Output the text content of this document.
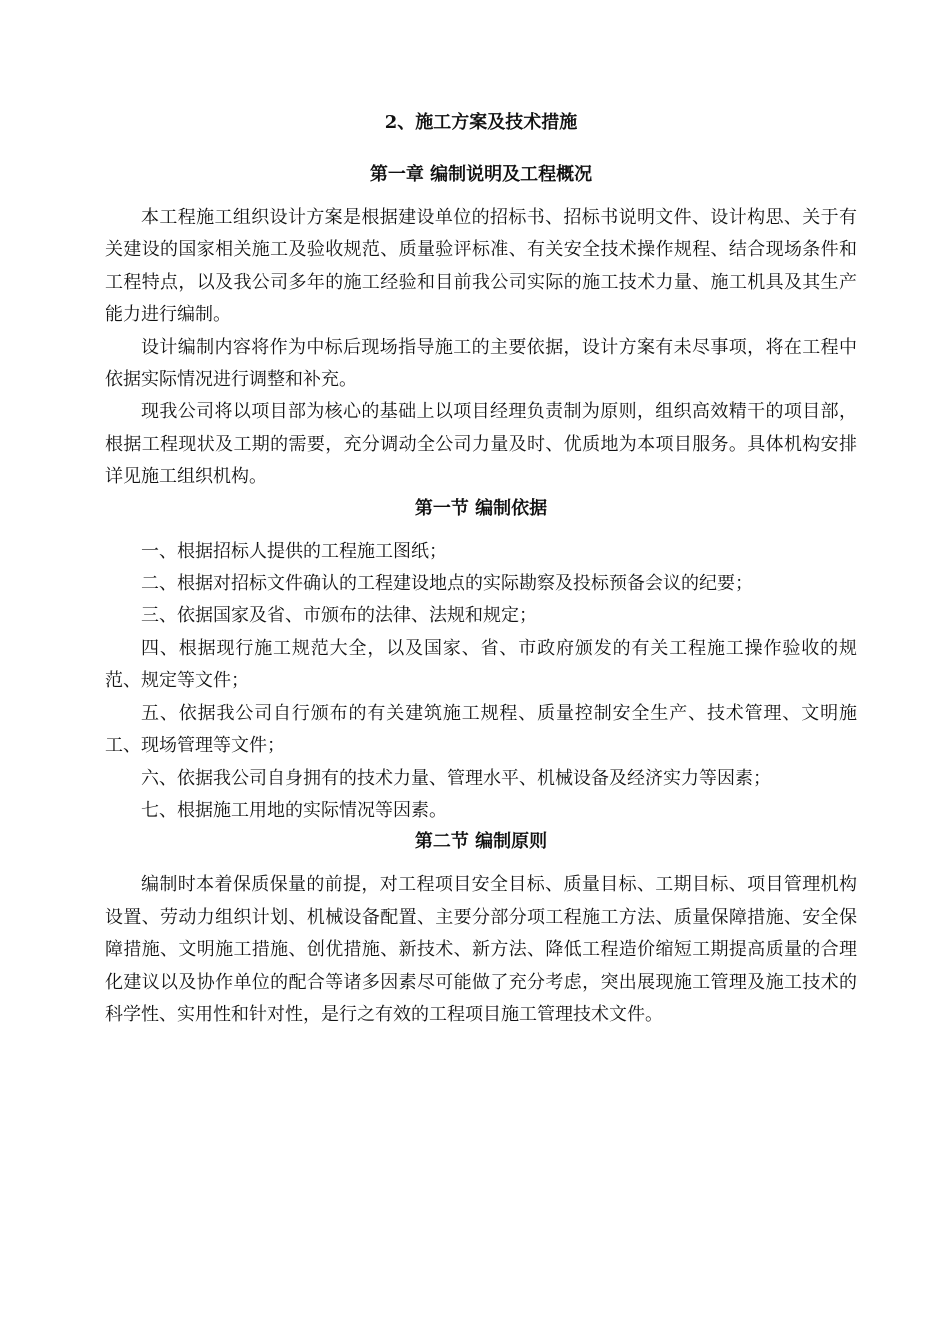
2、施工方案及技术措施
第一章 编制说明及工程概况

本工程施工组织设计方案是根据建设单位的招标书、招标书说明文件、设计构思、关于有关建设的国家相关施工及验收规范、质量验评标准、有关安全技术操作规程、结合现场条件和工程特点，以及我公司多年的施工经验和目前我公司实际的施工技术力量、施工机具及其生产能力进行编制。

设计编制内容将作为中标后现场指导施工的主要依据，设计方案有未尽事项，将在工程中依据实际情况进行调整和补充。

现我公司将以项目部为核心的基础上以项目经理负责制为原则，组织高效精干的项目部，根据工程现状及工期的需要，充分调动全公司力量及时、优质地为本项目服务。具体机构安排详见施工组织机构。

第一节 编制依据

一、根据招标人提供的工程施工图纸；

二、根据对招标文件确认的工程建设地点的实际勘察及投标预备会议的纪要；

三、依据国家及省、市颁布的法律、法规和规定；

四、根据现行施工规范大全，以及国家、省、市政府颁发的有关工程施工操作验收的规范、规定等文件；

五、依据我公司自行颁布的有关建筑施工规程、质量控制安全生产、技术管理、文明施工、现场管理等文件；

六、依据我公司自身拥有的技术力量、管理水平、机械设备及经济实力等因素；

七、根据施工用地的实际情况等因素。

第二节 编制原则

编制时本着保质保量的前提，对工程项目安全目标、质量目标、工期目标、项目管理机构设置、劳动力组织计划、机械设备配置、主要分部分项工程施工方法、质量保障措施、安全保障措施、文明施工措施、创优措施、新技术、新方法、降低工程造价缩短工期提高质量的合理化建议以及协作单位的配合等诸多因素尽可能做了充分考虑，突出展现施工管理及施工技术的科学性、实用性和针对性，是行之有效的工程项目施工管理技术文件。
